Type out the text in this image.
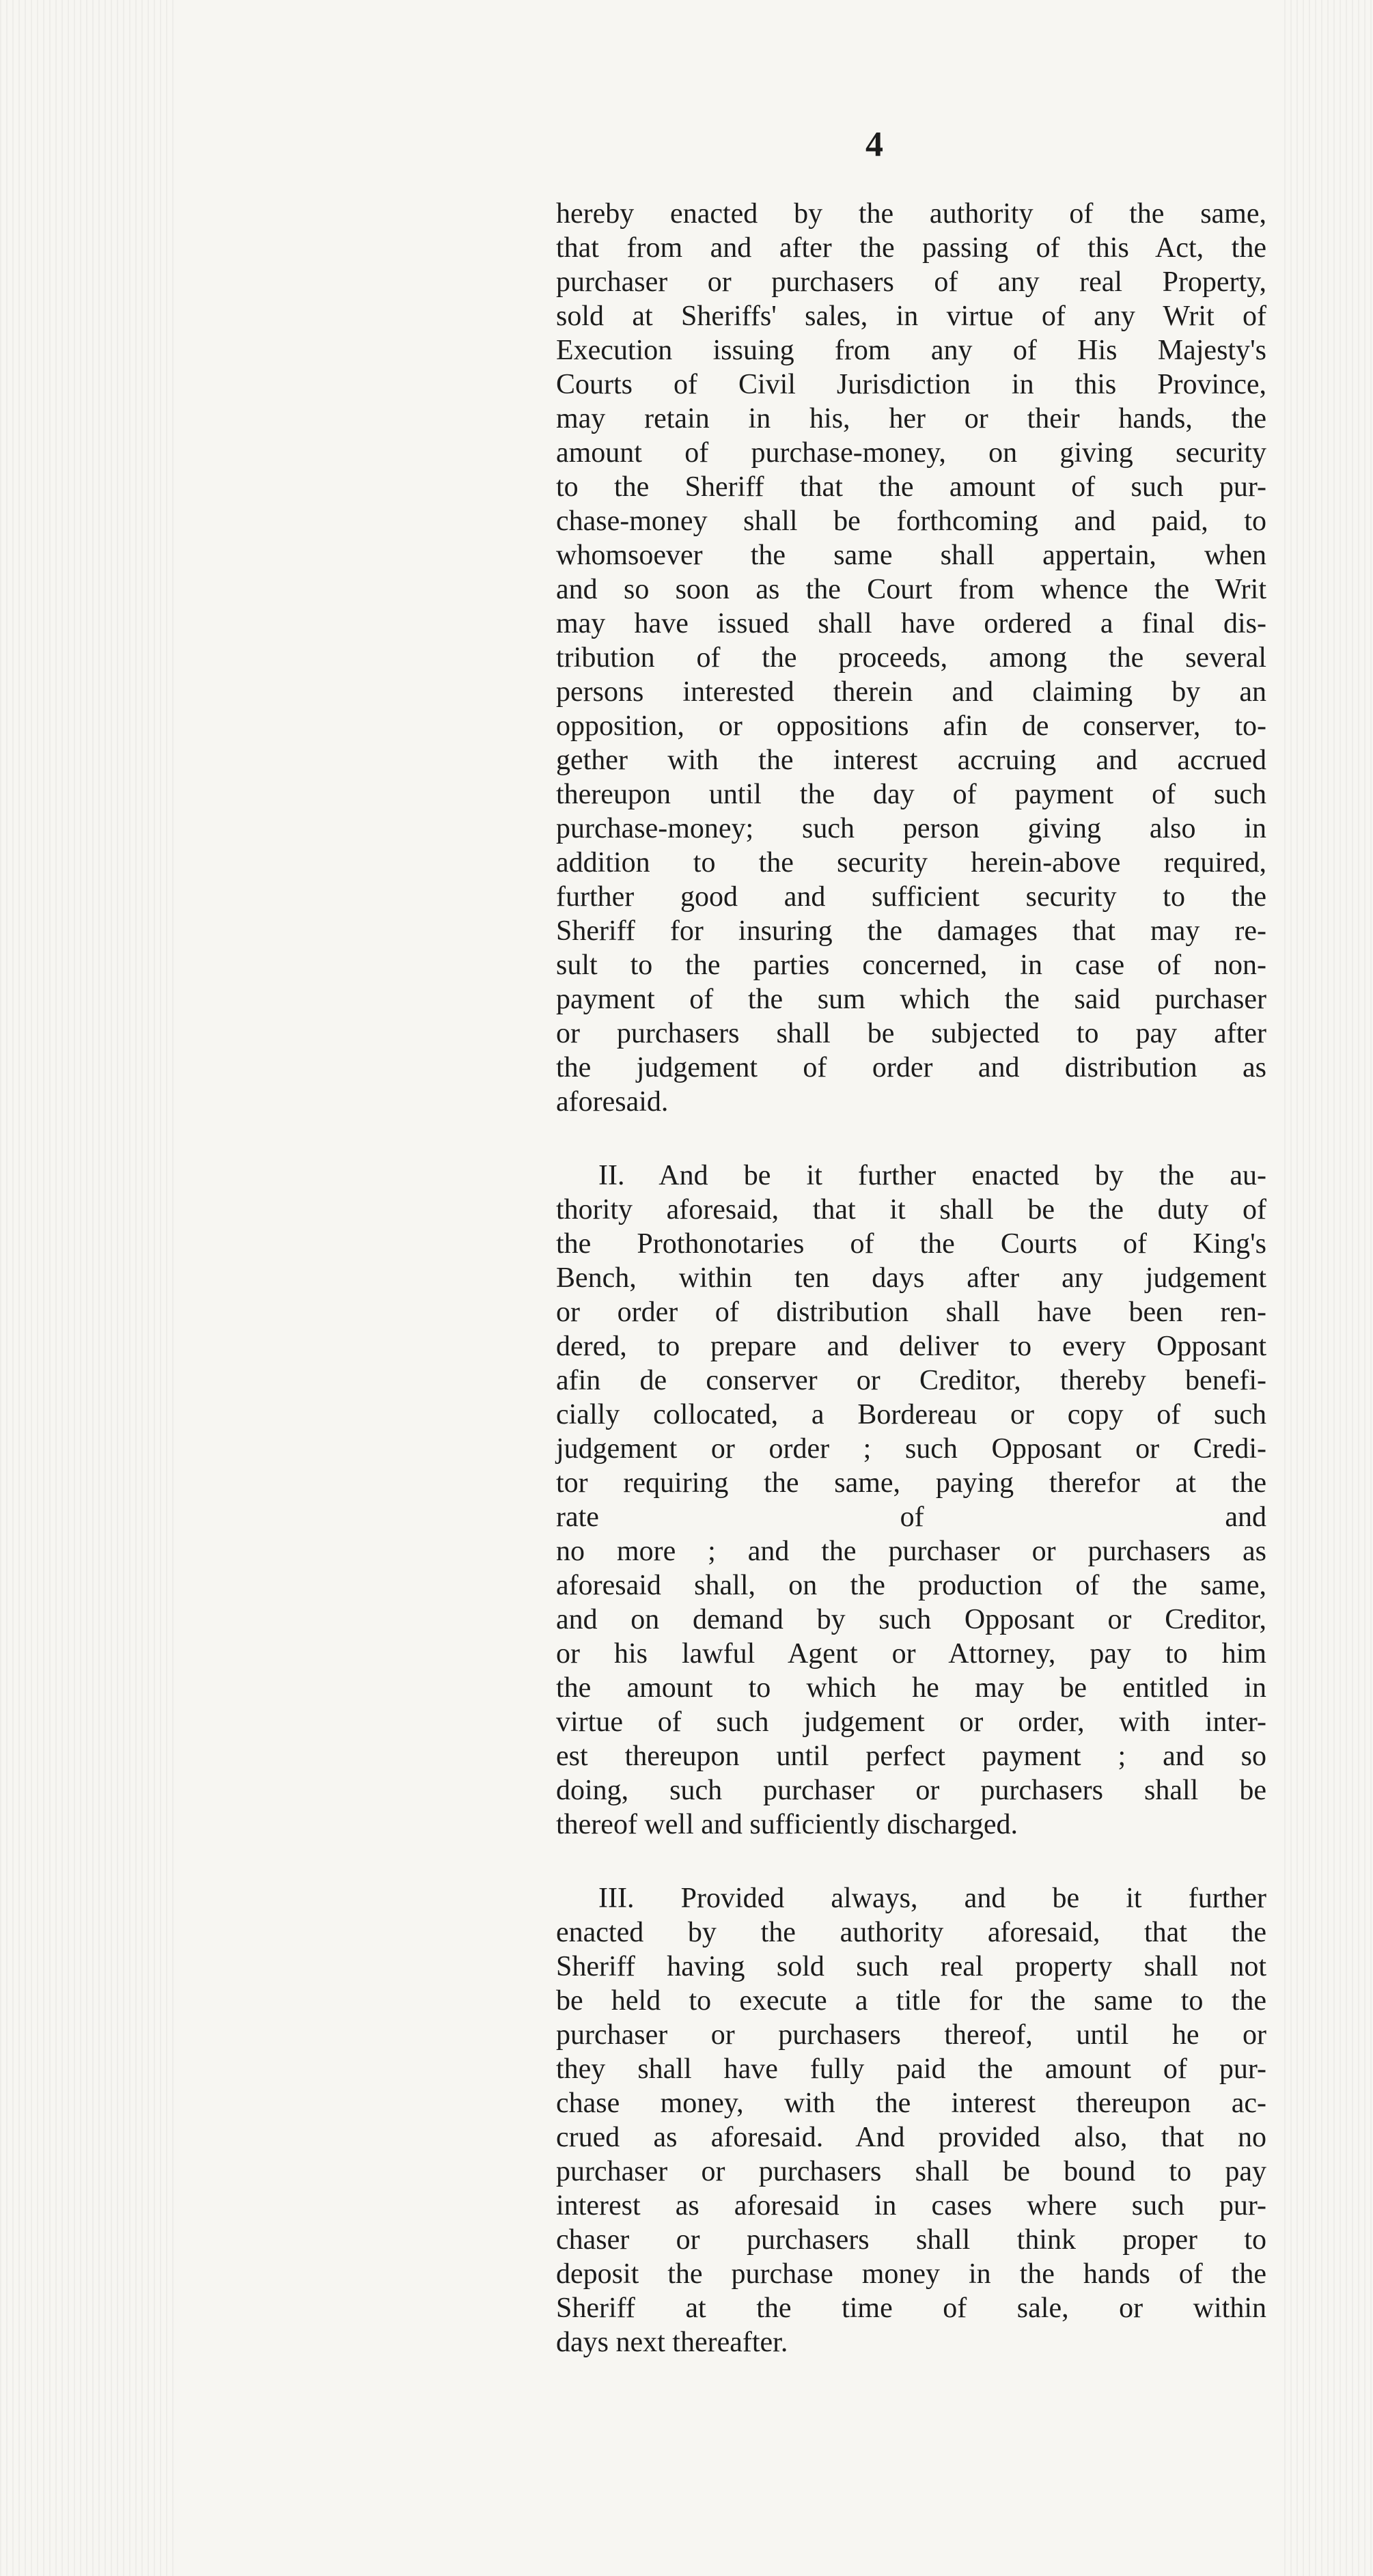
4
hereby enacted by the authority of the same,
that from and after the passing of this Act, the
purchaser or purchasers of any real Property,
sold at Sheriffs' sales, in virtue of any Writ of
Execution issuing from any of His Majesty's
Courts of Civil Jurisdiction in this Province,
may retain in his, her or their hands, the
amount of purchase-money, on giving security
to the Sheriff that the amount of such pur-
chase-money shall be forthcoming and paid, to
whomsoever the same shall appertain, when
and so soon as the Court from whence the Writ
may have issued shall have ordered a final dis-
tribution of the proceeds, among the several
persons interested therein and claiming by an
opposition, or oppositions afin de conserver, to-
gether with the interest accruing and accrued
thereupon until the day of payment of such
purchase-money; such person giving also in
addition to the security herein-above required,
further good and sufficient security to the
Sheriff for insuring the damages that may re-
sult to the parties concerned, in case of non-
payment of the sum which the said purchaser
or purchasers shall be subjected to pay after
the judgement of order and distribution as
aforesaid.
II. And be it further enacted by the au-
thority aforesaid, that it shall be the duty of
the Prothonotaries of the Courts of King's
Bench, within ten days after any judgement
or order of distribution shall have been ren-
dered, to prepare and deliver to every Opposant
afin de conserver or Creditor, thereby benefi-
cially collocated, a Bordereau or copy of such
judgement or order ; such Opposant or Credi-
tor requiring the same, paying therefor at the
rate of and
no more ; and the purchaser or purchasers as
aforesaid shall, on the production of the same,
and on demand by such Opposant or Creditor,
or his lawful Agent or Attorney, pay to him
the amount to which he may be entitled in
virtue of such judgement or order, with inter-
est thereupon until perfect payment ; and so
doing, such purchaser or purchasers shall be
thereof well and sufficiently discharged.
III. Provided always, and be it further
enacted by the authority aforesaid, that the
Sheriff having sold such real property shall not
be held to execute a title for the same to the
purchaser or purchasers thereof, until he or
they shall have fully paid the amount of pur-
chase money, with the interest thereupon ac-
crued as aforesaid. And provided also, that no
purchaser or purchasers shall be bound to pay
interest as aforesaid in cases where such pur-
chaser or purchasers shall think proper to
deposit the purchase money in the hands of the
Sheriff at the time of sale, or within
days next thereafter.
